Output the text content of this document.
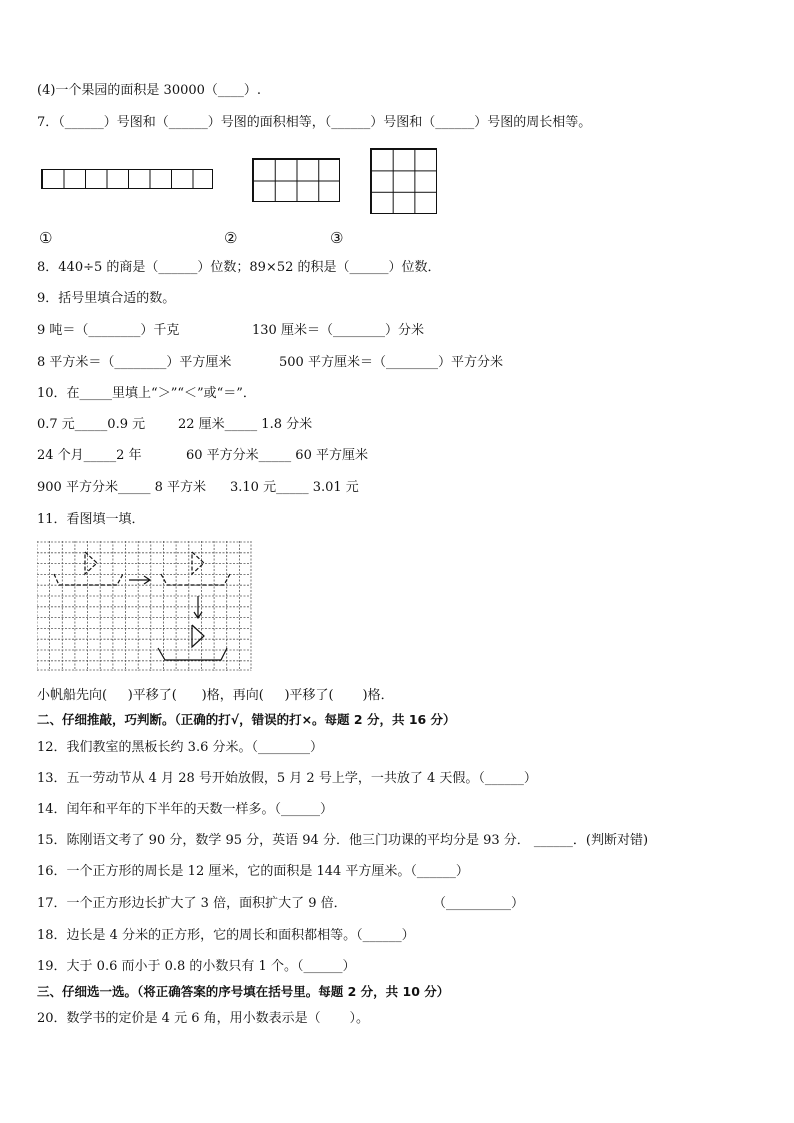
(4)一个果园的面积是 30000（____）.
7．（______）号图和（______）号图的面积相等，（______）号图和（______）号图的周长相等。
①	②	③
8．440÷5 的商是（______）位数；89×52 的积是（______）位数．
9．括号里填合适的数。
9 吨＝（________）千克	130 厘米＝（________）分米
8 平方米＝（________）平方厘米	500 平方厘米＝（________）平方分米
10．在_____里填上“＞”“＜”或“＝”．
0.7 元_____0.9 元	22 厘米_____ 1.8 分米
24 个月_____2 年	60 平方分米_____ 60 平方厘米
900 平方分米_____ 8 平方米 3.10 元_____ 3.01 元
11．看图填一填．
小帆船先向(     )平移了(      )格，再向(     )平移了(       )格．
二、仔细推敲，巧判断。（正确的打√，错误的打×。每题 2 分，共 16 分）
12．我们教室的黑板长约 3.6 分米。（________）
13．五一劳动节从 4 月 28 号开始放假，5 月 2 号上学，一共放了 4 天假。（______）
14．闰年和平年的下半年的天数一样多。（______）
15．陈刚语文考了 90 分，数学 95 分，英语 94 分．他三门功课的平均分是 93 分． ______．(判断对错)
16．一个正方形的周长是 12 厘米，它的面积是 144 平方厘米。（______）
17．一个正方形边长扩大了 3 倍，面积扩大了 9 倍．	（__________）
18．边长是 4 分米的正方形，它的周长和面积都相等。（______）
19．大于 0.6 而小于 0.8 的小数只有 1 个。（______）
三、仔细选一选。（将正确答案的序号填在括号里。每题 2 分，共 10 分）
20．数学书的定价是 4 元 6 角，用小数表示是（       ）。
